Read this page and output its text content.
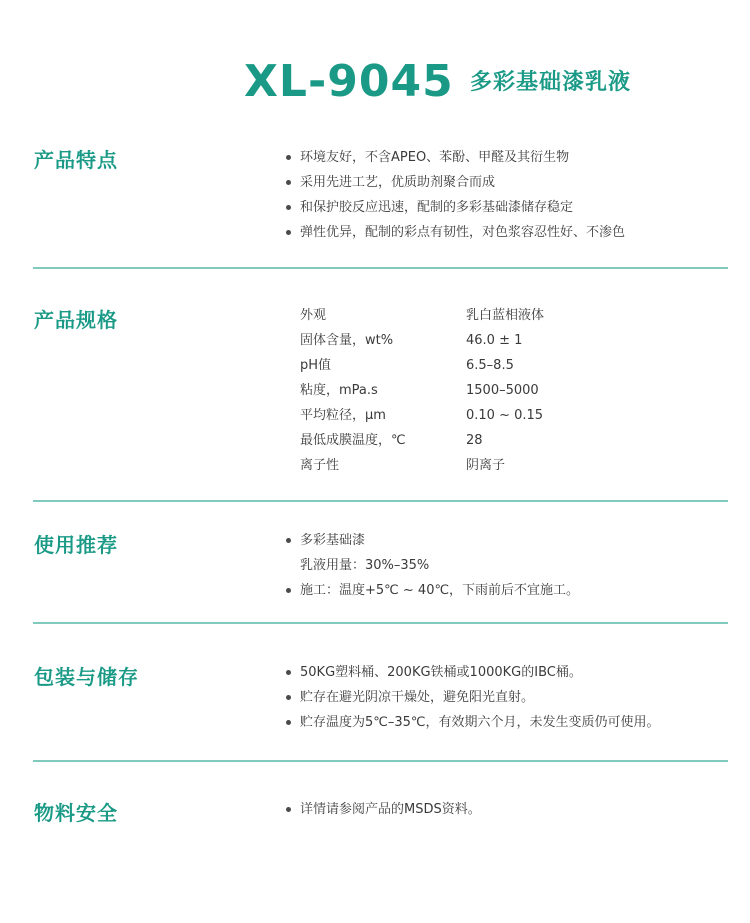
XL-9045 多彩基础漆乳液
产品特点	环境友好，不含APEO、苯酚、甲醛及其衍生物
采用先进工艺，优质助剂聚合而成
和保护胶反应迅速，配制的多彩基础漆储存稳定
弹性优异，配制的彩点有韧性，对色浆容忍性好、不渗色
产品规格	外观	乳白蓝相液体
固体含量，wt%	46.0 ± 1
pH值	6.5–8.5
粘度，mPa.s	1500–5000
平均粒径，μm	0.10 ~ 0.15
最低成膜温度，℃	28
离子性	阴离子
使用推荐	多彩基础漆
乳液用量：30%–35%
施工：温度+5℃ ~ 40℃，下雨前后不宜施工。
包装与储存	50KG塑料桶、200KG铁桶或1000KG的IBC桶。
贮存在避光阴凉干燥处，避免阳光直射。
贮存温度为5℃–35℃，有效期六个月，未发生变质仍可使用。
物料安全	详情请参阅产品的MSDS资料。
